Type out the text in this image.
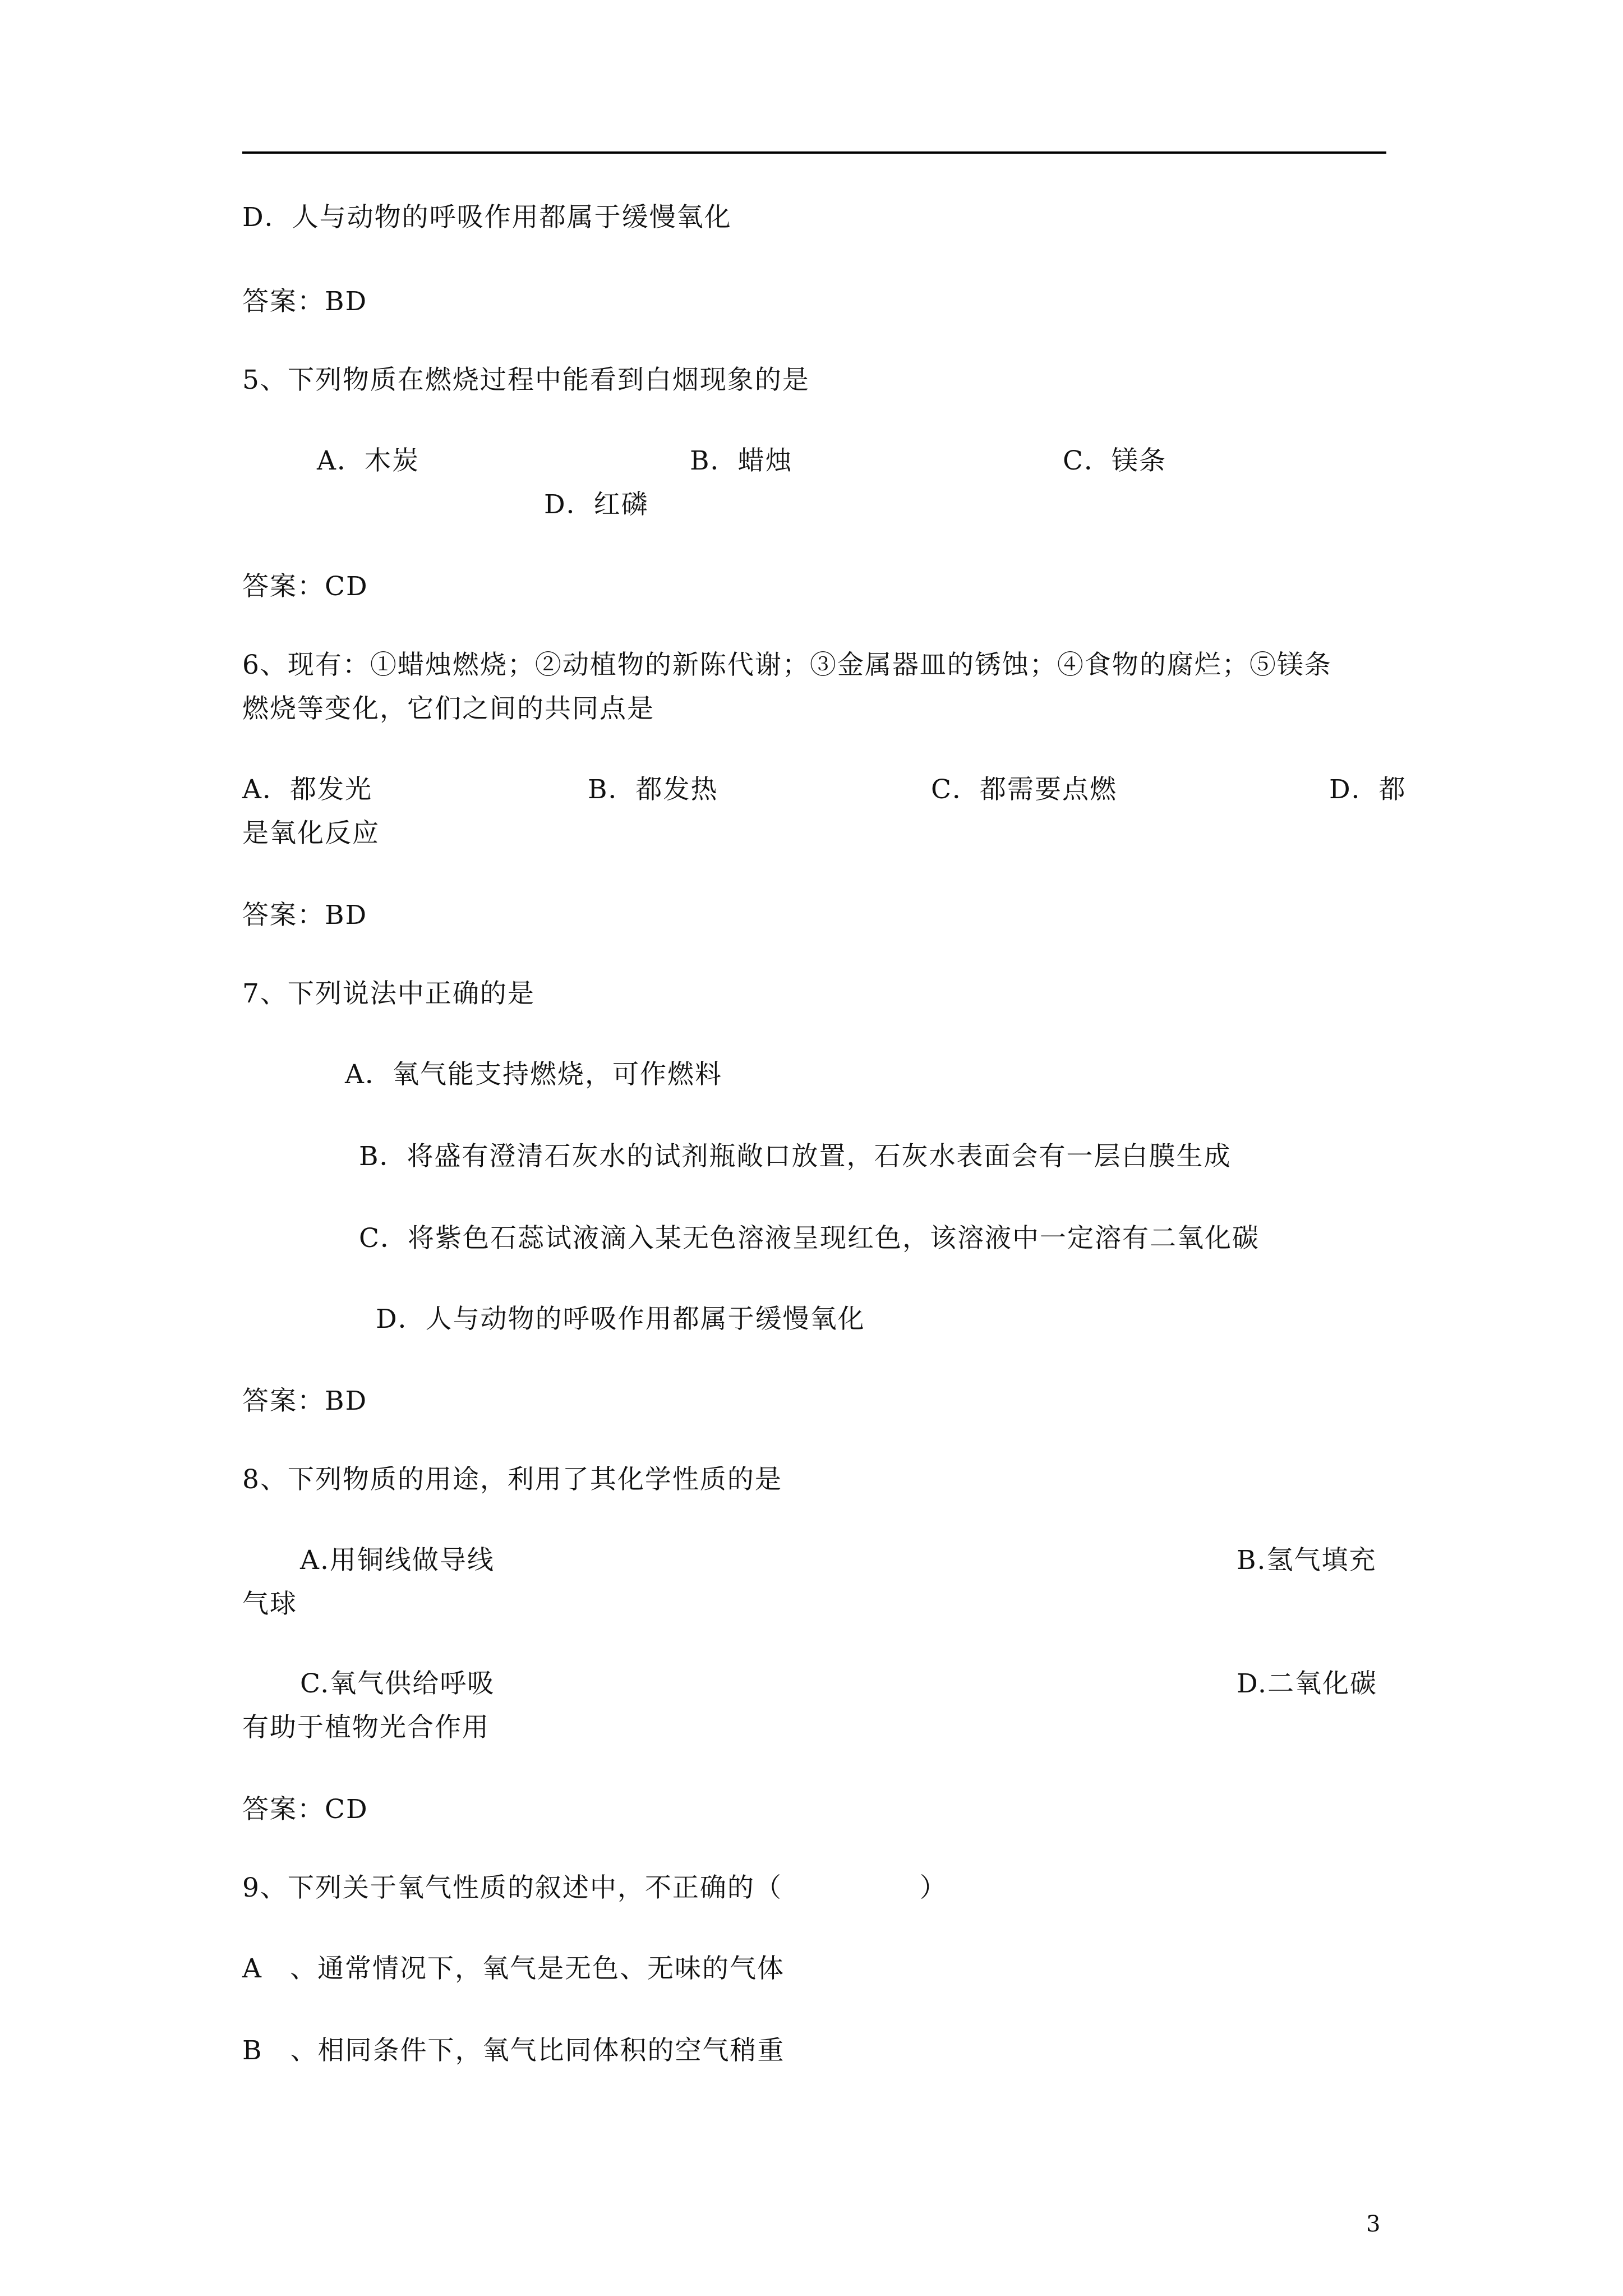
D．人与动物的呼吸作用都属于缓慢氧化
答案：BD
5、下列物质在燃烧过程中能看到白烟现象的是
A．木炭	B．蜡烛	C．镁条
D．红磷
答案：CD
6、现有：①蜡烛燃烧；②动植物的新陈代谢；③金属器皿的锈蚀；④食物的腐烂；⑤镁条
燃烧等变化，它们之间的共同点是
A．都发光	B．都发热	C．都需要点燃	D．都
是氧化反应
答案：BD
7、下列说法中正确的是
A．氧气能支持燃烧，可作燃料
B．将盛有澄清石灰水的试剂瓶敞口放置，石灰水表面会有一层白膜生成
C．将紫色石蕊试液滴入某无色溶液呈现红色，该溶液中一定溶有二氧化碳
D．人与动物的呼吸作用都属于缓慢氧化
答案：BD
8、下列物质的用途，利用了其化学性质的是
A.用铜线做导线	B.氢气填充
气球
C.氧气供给呼吸	D.二氧化碳
有助于植物光合作用
答案：CD
9、下列关于氧气性质的叙述中，不正确的（　　　　　）
A　、通常情况下，氧气是无色、无味的气体
B　、相同条件下，氧气比同体积的空气稍重
3
